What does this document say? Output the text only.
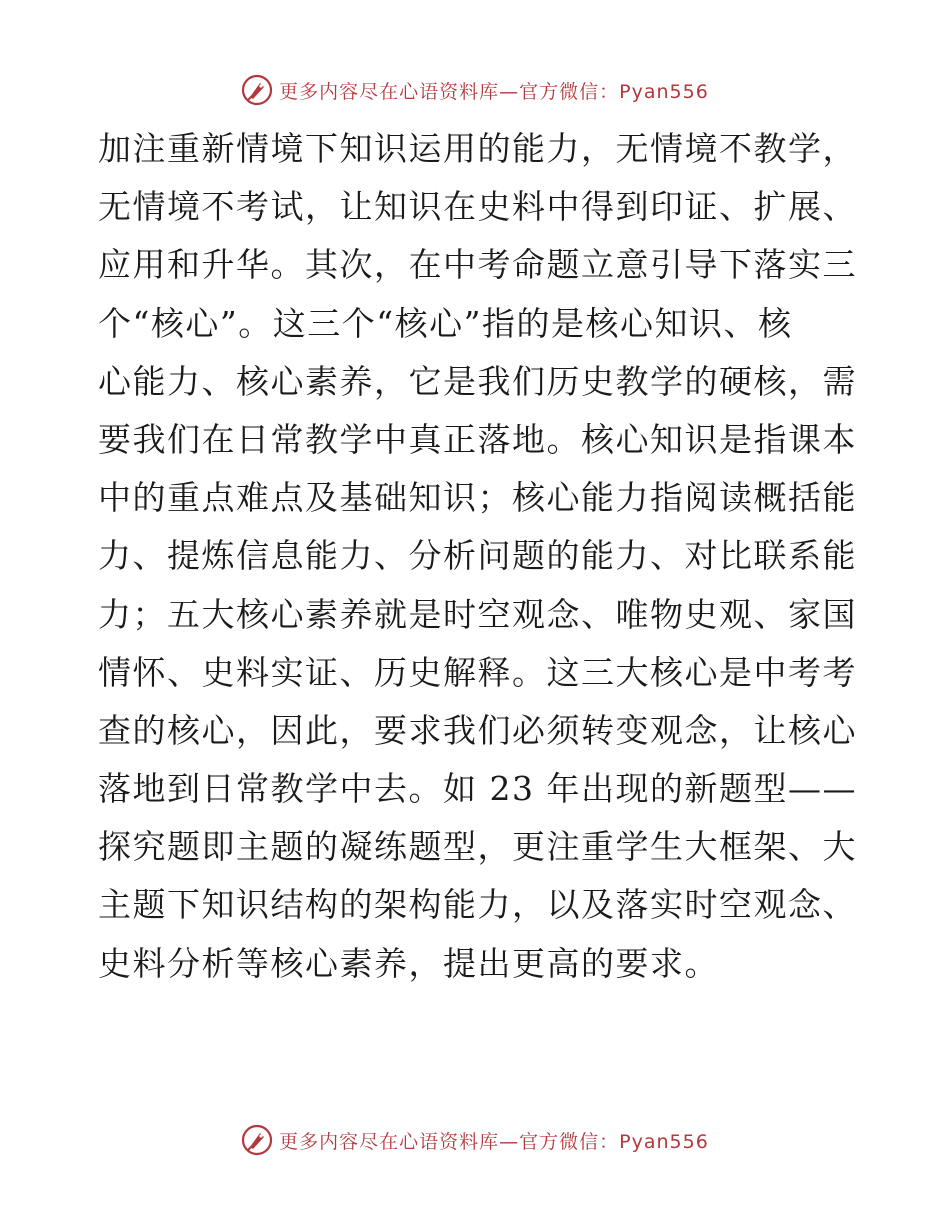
更多内容尽在心语资料库—官方微信：Pyan556
加注重新情境下知识运用的能力，无情境不教学，
无情境不考试，让知识在史料中得到印证、扩展、
应用和升华。其次，在中考命题立意引导下落实三
个“核心”。这三个“核心”指的是核心知识、核
心能力、核心素养，它是我们历史教学的硬核，需
要我们在日常教学中真正落地。核心知识是指课本
中的重点难点及基础知识；核心能力指阅读概括能
力、提炼信息能力、分析问题的能力、对比联系能
力；五大核心素养就是时空观念、唯物史观、家国
情怀、史料实证、历史解释。这三大核心是中考考
查的核心，因此，要求我们必须转变观念，让核心
落地到日常教学中去。如 23 年出现的新题型——
探究题即主题的凝练题型，更注重学生大框架、大
主题下知识结构的架构能力，以及落实时空观念、
史料分析等核心素养，提出更高的要求。
更多内容尽在心语资料库—官方微信：Pyan556
